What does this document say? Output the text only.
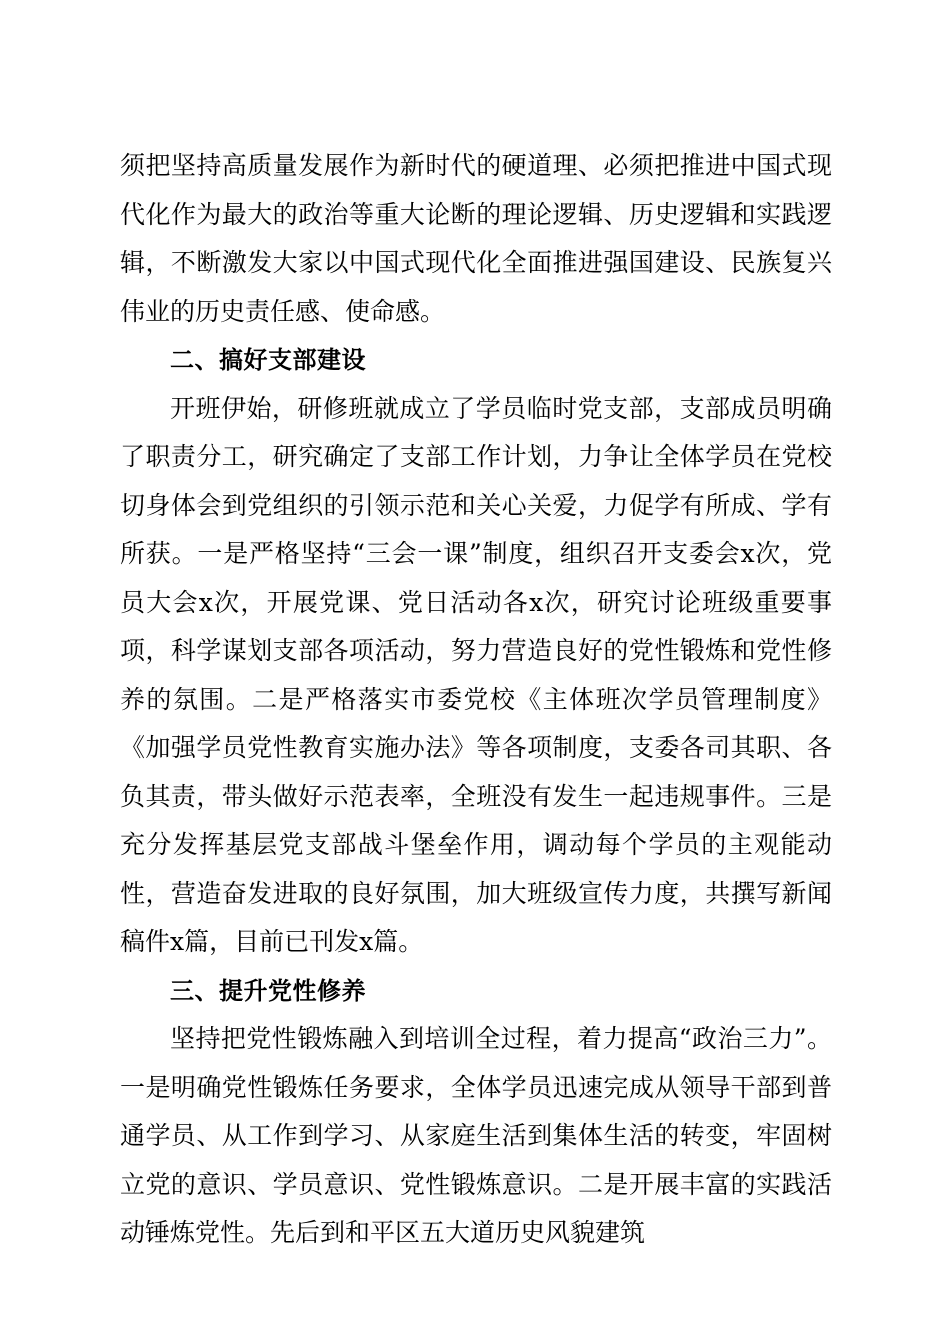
须把坚持高质量发展作为新时代的硬道理、必须把推进中国式现代化作为最大的政治等重大论断的理论逻辑、历史逻辑和实践逻辑，不断激发大家以中国式现代化全面推进强国建设、民族复兴伟业的历史责任感、使命感。

二、搞好支部建设

开班伊始，研修班就成立了学员临时党支部，支部成员明确了职责分工，研究确定了支部工作计划，力争让全体学员在党校切身体会到党组织的引领示范和关心关爱，力促学有所成、学有所获。一是严格坚持“三会一课”制度，组织召开支委会x次，党员大会x次，开展党课、党日活动各x次，研究讨论班级重要事项，科学谋划支部各项活动，努力营造良好的党性锻炼和党性修养的氛围。二是严格落实市委党校《主体班次学员管理制度》《加强学员党性教育实施办法》等各项制度，支委各司其职、各负其责，带头做好示范表率，全班没有发生一起违规事件。三是充分发挥基层党支部战斗堡垒作用，调动每个学员的主观能动性，营造奋发进取的良好氛围，加大班级宣传力度，共撰写新闻稿件x篇，目前已刊发x篇。

三、提升党性修养

坚持把党性锻炼融入到培训全过程，着力提高“政治三力”。一是明确党性锻炼任务要求，全体学员迅速完成从领导干部到普通学员、从工作到学习、从家庭生活到集体生活的转变，牢固树立党的意识、学员意识、党性锻炼意识。二是开展丰富的实践活动锤炼党性。先后到和平区五大道历史风貌建筑
